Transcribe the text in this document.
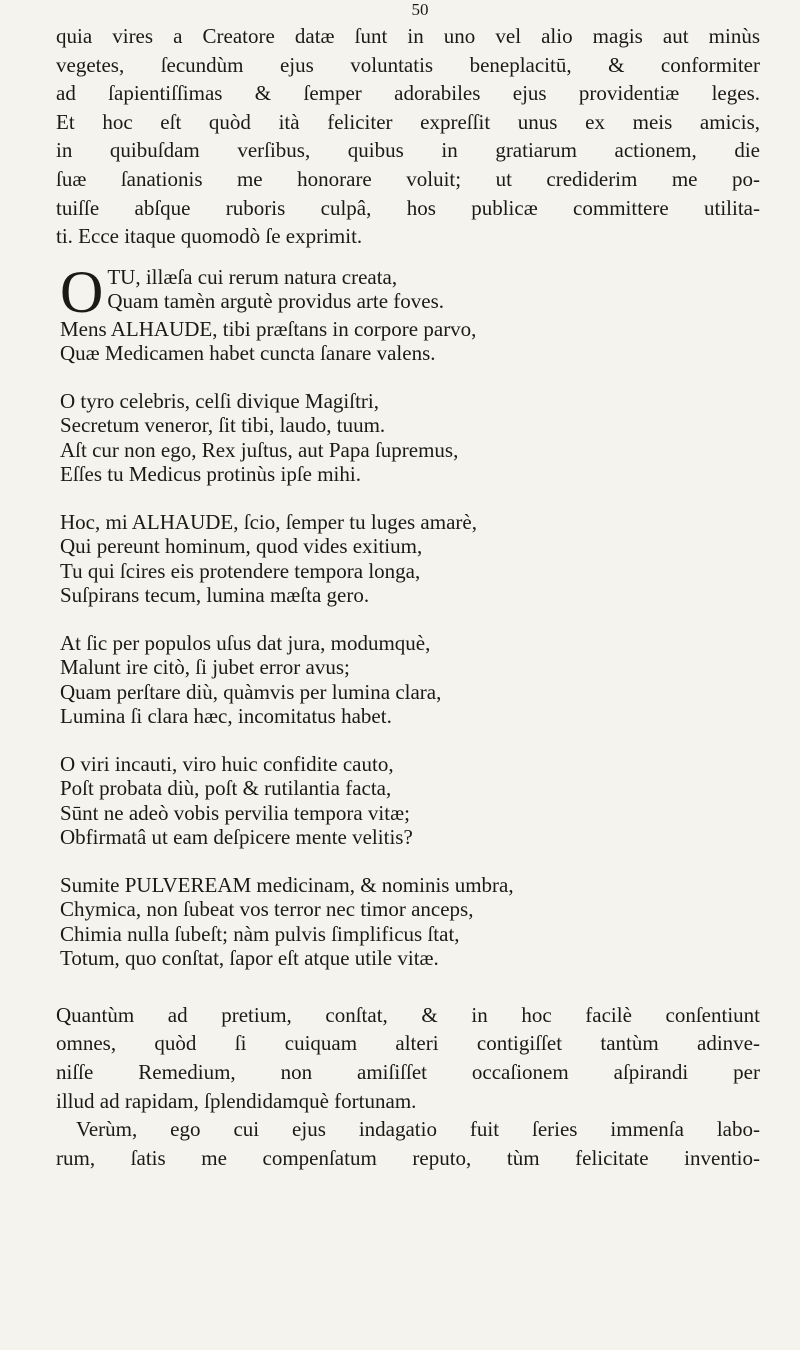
50
quia vires a Creatore datæ ſunt in uno vel alio magis aut minùs
vegetes, ſecundùm ejus voluntatis beneplacitū, & conformiter
ad ſapientiſſimas & ſemper adorabiles ejus providentiæ leges.
Et hoc eſt quòd ità feliciter expreſſit unus ex meis amicis,
in quibuſdam verſibus, quibus in gratiarum actionem, die
ſuæ ſanationis me honorare voluit; ut crediderim me po-
tuiſſe abſque ruboris culpâ, hos publicæ committere utilita-
ti. Ecce itaque quomodò ſe exprimit.
O TU, illæſa cui rerum natura creata,
Quam tamèn argutè providus arte foves.
Mens ALHAUDE, tibi præſtans in corpore parvo,
Quæ Medicamen habet cuncta ſanare valens.
O tyro celebris, celſi divique Magiſtri,
Secretum veneror, ſit tibi, laudo, tuum.
Aſt cur non ego, Rex juſtus, aut Papa ſupremus,
Eſſes tu Medicus protinùs ipſe mihi.
Hoc, mi ALHAUDE, ſcio, ſemper tu luges amarè,
Qui pereunt hominum, quod vides exitium,
Tu qui ſcires eis protendere tempora longa,
Suſpirans tecum, lumina mæſta gero.
At ſic per populos uſus dat jura, modumquè,
Malunt ire citò, ſi jubet error avus;
Quam perſtare diù, quàmvis per lumina clara,
Lumina ſi clara hæc, incomitatus habet.
O viri incauti, viro huic confidite cauto,
Poſt probata diù, poſt & rutilantia facta,
Sūnt ne adeò vobis pervilia tempora vitæ;
Obfirmatâ ut eam deſpicere mente velitis?
Sumite PULVEREAM medicinam, & nominis umbra,
Chymica, non ſubeat vos terror nec timor anceps,
Chimia nulla ſubeſt; nàm pulvis ſimplificus ſtat,
Totum, quo conſtat, ſapor eſt atque utile vitæ.
Quantùm ad pretium, conſtat, & in hoc facilè conſentiunt
omnes, quòd ſi cuiquam alteri contigiſſet tantùm adinve-
niſſe Remedium, non amiſiſſet occaſionem aſpirandi per
illud ad rapidam, ſplendidamquè fortunam.
Verùm, ego cui ejus indagatio fuit ſeries immenſa labo-
rum, ſatis me compenſatum reputo, tùm felicitate inventio-
